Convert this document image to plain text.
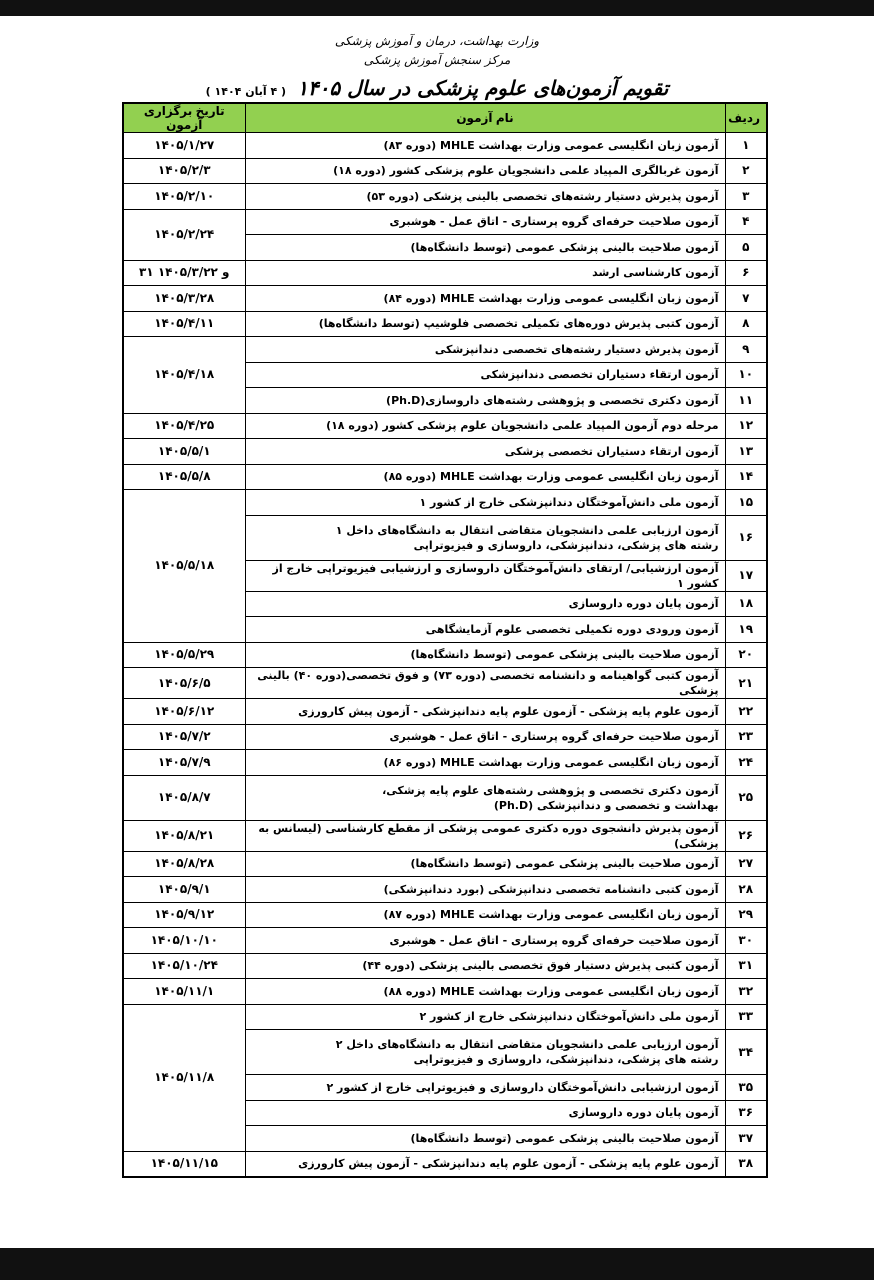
وزارت بهداشت، درمان و آموزش پزشکی
مرکز سنجش آموزش پزشکی
تقویم آزمون‌های علوم پزشکی در سال ۱۴۰۵ ( ۴ آبان ۱۴۰۴ )
ردیف	نام آزمون	تاریخ برگزاری آزمون
۱	آزمون زبان انگلیسی عمومی وزارت بهداشت MHLE (دوره ۸۳)	۱۴۰۵/۱/۲۷
۲	آزمون غربالگری المپیاد علمی دانشجویان علوم پزشکی کشور (دوره ۱۸)	۱۴۰۵/۲/۳
۳	آزمون پذیرش دستیار رشته‌های تخصصی بالینی پزشکی (دوره ۵۳)	۱۴۰۵/۲/۱۰
۴	آزمون صلاحیت حرفه‌ای گروه پرستاری - اتاق عمل - هوشبری	۱۴۰۵/۲/۲۴
۵	آزمون صلاحیت بالینی پزشکی عمومی (توسط دانشگاه‌ها)	

۶	آزمون کارشناسی ارشد	۳۱ و ۱۴۰۵/۳/۲۲
۷	آزمون زبان انگلیسی عمومی وزارت بهداشت MHLE (دوره ۸۴)	۱۴۰۵/۳/۲۸
۸	آزمون کتبی پذیرش دوره‌های تکمیلی تخصصی فلوشیپ (توسط دانشگاه‌ها)	۱۴۰۵/۴/۱۱
۹	آزمون پذیرش دستیار رشته‌های تخصصی دندانپزشکی	۱۴۰۵/۴/۱۸
۱۰	آزمون ارتقاء دستیاران تخصصی دندانپزشکی	

۱۱	آزمون دکتری تخصصی و پژوهشی رشته‌های داروسازی(Ph.D)	

۱۲	مرحله دوم آزمون المپیاد علمی دانشجویان علوم پزشکی کشور (دوره ۱۸)	۱۴۰۵/۴/۲۵
۱۳	آزمون ارتقاء دستیاران تخصصی پزشکی	۱۴۰۵/۵/۱
۱۴	آزمون زبان انگلیسی عمومی وزارت بهداشت MHLE (دوره ۸۵)	۱۴۰۵/۵/۸
۱۵	آزمون ملی دانش‌آموختگان دندانپزشکی خارج از کشور ۱	۱۴۰۵/۵/۱۸
۱۶	آزمون ارزیابی علمی دانشجویان متقاضی انتقال به دانشگاه‌های داخل ۱
رشته های پزشکی، دندانپزشکی، داروسازی و فیزیوتراپی	

۱۷	آزمون ارزشیابی/ ارتقای دانش‌آموختگان داروسازی و ارزشیابی فیزیوتراپی خارج از کشور ۱	

۱۸	آزمون پایان دوره داروسازی	

۱۹	آزمون ورودی دوره تکمیلی تخصصی علوم آزمایشگاهی	

۲۰	آزمون صلاحیت بالینی پزشکی عمومی (توسط دانشگاه‌ها)	۱۴۰۵/۵/۲۹
۲۱	آزمون کتبی گواهینامه و دانشنامه تخصصی (دوره ۷۳) و فوق تخصصی(دوره ۴۰) بالینی پزشکی	۱۴۰۵/۶/۵
۲۲	آزمون علوم پایه پزشکی - آزمون علوم پایه دندانپزشکی - آزمون پیش کارورزی	۱۴۰۵/۶/۱۲
۲۳	آزمون صلاحیت حرفه‌ای گروه پرستاری - اتاق عمل - هوشبری	۱۴۰۵/۷/۲
۲۴	آزمون زبان انگلیسی عمومی وزارت بهداشت MHLE (دوره ۸۶)	۱۴۰۵/۷/۹
۲۵	آزمون دکتری تخصصی و پژوهشی رشته‌های علوم پایه پزشکی،
بهداشت و تخصصی و دندانپزشکی (Ph.D)	۱۴۰۵/۸/۷
۲۶	آزمون پذیرش دانشجوی دوره دکتری عمومی پزشکی از مقطع کارشناسی (لیسانس به پزشکی)	۱۴۰۵/۸/۲۱
۲۷	آزمون صلاحیت بالینی پزشکی عمومی (توسط دانشگاه‌ها)	۱۴۰۵/۸/۲۸
۲۸	آزمون کتبی دانشنامه تخصصی دندانپزشکی (بورد دندانپزشکی)	۱۴۰۵/۹/۱
۲۹	آزمون زبان انگلیسی عمومی وزارت بهداشت MHLE (دوره ۸۷)	۱۴۰۵/۹/۱۲
۳۰	آزمون صلاحیت حرفه‌ای گروه پرستاری - اتاق عمل - هوشبری	۱۴۰۵/۱۰/۱۰
۳۱	آزمون کتبی پذیرش دستیار فوق تخصصی بالینی پزشکی (دوره ۴۴)	۱۴۰۵/۱۰/۲۴
۳۲	آزمون زبان انگلیسی عمومی وزارت بهداشت MHLE (دوره ۸۸)	۱۴۰۵/۱۱/۱
۳۳	آزمون ملی دانش‌آموختگان دندانپزشکی خارج از کشور ۲	۱۴۰۵/۱۱/۸
۳۴	آزمون ارزیابی علمی دانشجویان متقاضی انتقال به دانشگاه‌های داخل ۲
رشته های پزشکی، دندانپزشکی، داروسازی و فیزیوتراپی	

۳۵	آزمون ارزشیابی دانش‌آموختگان داروسازی و فیزیوتراپی خارج از کشور ۲	

۳۶	آزمون پایان دوره داروسازی	

۳۷	آزمون صلاحیت بالینی پزشکی عمومی (توسط دانشگاه‌ها)	

۳۸	آزمون علوم پایه پزشکی - آزمون علوم پایه دندانپزشکی - آزمون پیش کارورزی	۱۴۰۵/۱۱/۱۵
